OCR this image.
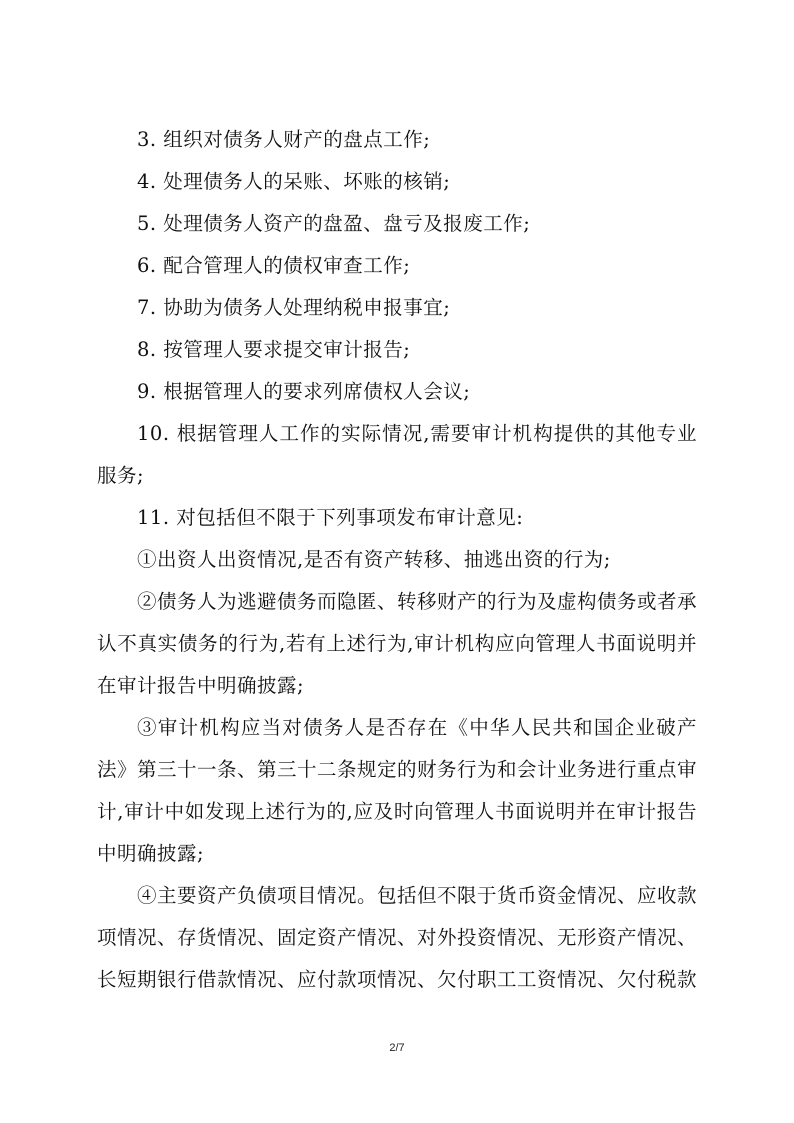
3. 组织对债务人财产的盘点工作;

4. 处理债务人的呆账、坏账的核销;

5. 处理债务人资产的盘盈、盘亏及报废工作;

6. 配合管理人的债权审查工作;

7. 协助为债务人处理纳税申报事宜;

8. 按管理人要求提交审计报告;

9. 根据管理人的要求列席债权人会议;

10. 根据管理人工作的实际情况,需要审计机构提供的其他专业服务;

11. 对包括但不限于下列事项发布审计意见:

①出资人出资情况,是否有资产转移、抽逃出资的行为;

②债务人为逃避债务而隐匿、转移财产的行为及虚构债务或者承认不真实债务的行为,若有上述行为,审计机构应向管理人书面说明并在审计报告中明确披露;

③审计机构应当对债务人是否存在《中华人民共和国企业破产法》第三十一条、第三十二条规定的财务行为和会计业务进行重点审计,审计中如发现上述行为的,应及时向管理人书面说明并在审计报告中明确披露;

④主要资产负债项目情况。包括但不限于货币资金情况、应收款项情况、存货情况、固定资产情况、对外投资情况、无形资产情况、长短期银行借款情况、应付款项情况、欠付职工工资情况、欠付税款

2/7
